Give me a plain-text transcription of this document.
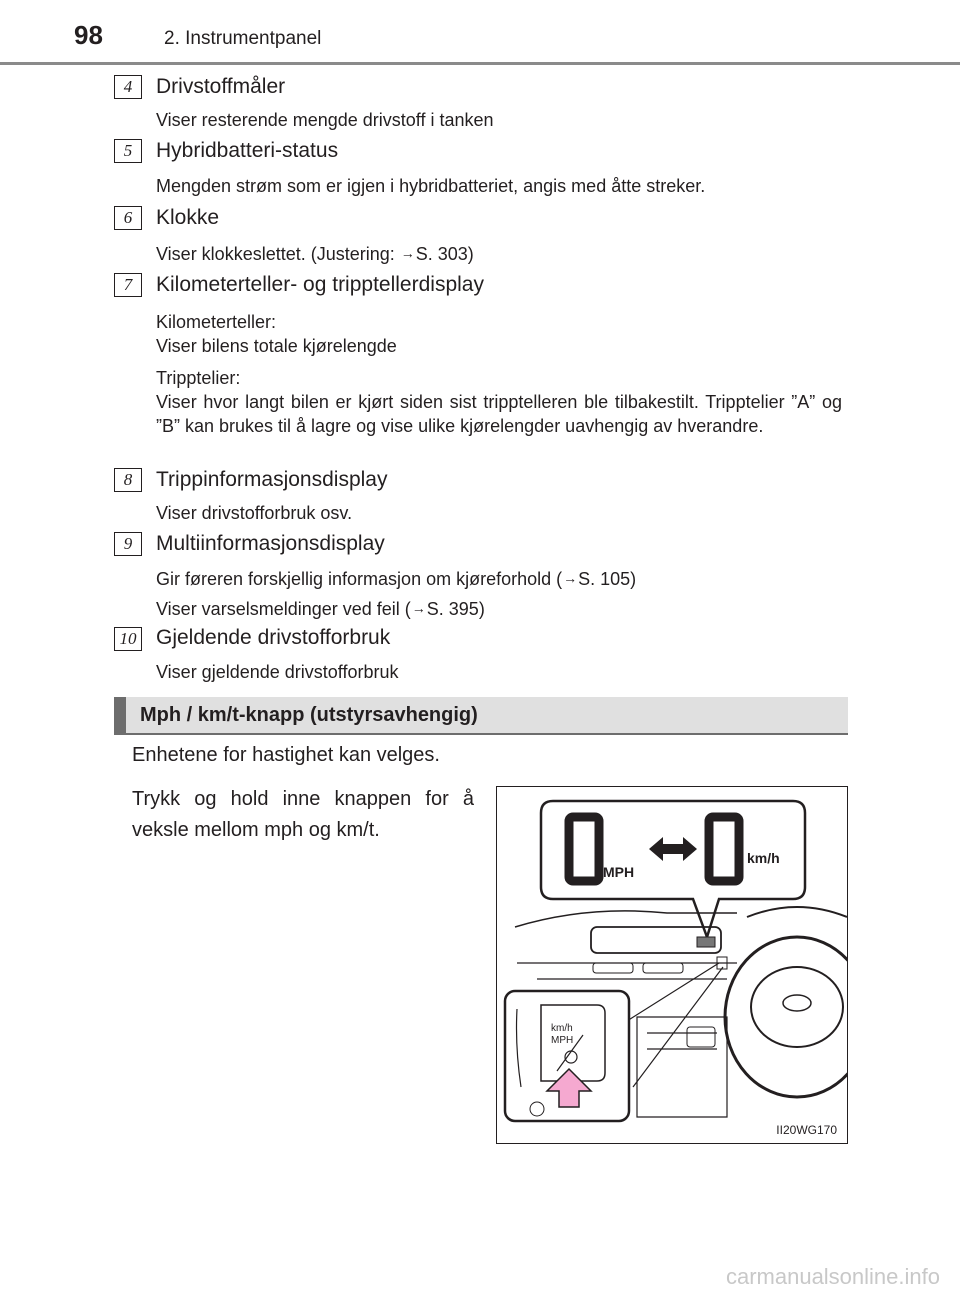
98	2. Instrumentpanel
4	Drivstoffmåler
Viser resterende mengde drivstoff i tanken
5	Hybridbatteri-status
Mengden strøm som er igjen i hybridbatteriet, angis med åtte streker.
6	Klokke
Viser klokkeslettet. (Justering: →S. 303)
7	Kilometerteller- og tripptellerdisplay
Kilometerteller:
Viser bilens totale kjørelengde
Tripptelier:
Viser hvor langt bilen er kjørt siden sist tripptelleren ble tilbakestilt. Tripptelier ”A” og ”B” kan brukes til å lagre og vise ulike kjørelengder uavhengig av hverandre.
8	Trippinformasjonsdisplay
Viser drivstofforbruk osv.
9	Multiinformasjonsdisplay
Gir føreren forskjellig informasjon om kjøreforhold (→S. 105)
Viser varselsmeldinger ved feil (→S. 395)
10 Gjeldende drivstofforbruk
Viser gjeldende drivstofforbruk
Mph / km/t-knapp (utstyrsavhengig)
Enhetene for hastighet kan velges.
Trykk og hold inne knappen for å veksle mellom mph og km/t.
MPH
km/h
km/h
MPH
II20WG170
carmanualsonline.info
